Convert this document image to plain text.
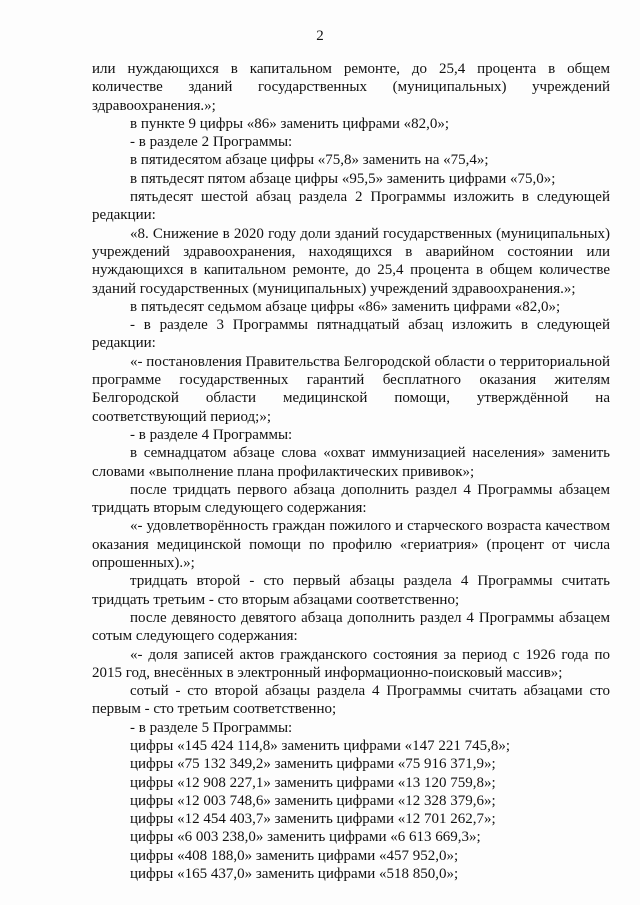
2

или нуждающихся в капитальном ремонте, до 25,4 процента в общем количестве зданий государственных (муниципальных) учреждений здравоохранения.»;

в пункте 9 цифры «86» заменить цифрами «82,0»;

- в разделе 2 Программы:

в пятидесятом абзаце цифры «75,8» заменить на «75,4»;

в пятьдесят пятом абзаце цифры «95,5» заменить цифрами «75,0»;

пятьдесят шестой абзац раздела 2 Программы изложить в следующей редакции:

«8. Снижение в 2020 году доли зданий государственных (муниципальных) учреждений здравоохранения, находящихся в аварийном состоянии или нуждающихся в капитальном ремонте, до 25,4 процента в общем количестве зданий государственных (муниципальных) учреждений здравоохранения.»;

в пятьдесят седьмом абзаце цифры «86» заменить цифрами «82,0»;

- в разделе 3 Программы пятнадцатый абзац изложить в следующей редакции:

«- постановления Правительства Белгородской области о территориальной программе государственных гарантий бесплатного оказания жителям Белгородской области медицинской помощи, утверждённой на соответствующий период;»;

- в разделе 4 Программы:

в семнадцатом абзаце слова «охват иммунизацией населения» заменить словами «выполнение плана профилактических прививок»;

после тридцать первого абзаца дополнить раздел 4 Программы абзацем тридцать вторым следующего содержания:

«- удовлетворённость граждан пожилого и старческого возраста качеством оказания медицинской помощи по профилю «гериатрия» (процент от числа опрошенных).»;

тридцать второй - сто первый абзацы раздела 4 Программы считать тридцать третьим - сто вторым абзацами соответственно;

после девяносто девятого абзаца дополнить раздел 4 Программы абзацем сотым следующего содержания:

«- доля записей актов гражданского состояния за период с 1926 года по 2015 год, внесённых в электронный информационно-поисковый массив»;

сотый - сто второй абзацы раздела 4 Программы считать абзацами сто первым - сто третьим соответственно;

- в разделе 5 Программы:

цифры «145 424 114,8» заменить цифрами «147 221 745,8»;

цифры «75 132 349,2» заменить цифрами «75 916 371,9»;

цифры «12 908 227,1» заменить цифрами «13 120 759,8»;

цифры «12 003 748,6» заменить цифрами «12 328 379,6»;

цифры «12 454 403,7» заменить цифрами «12 701 262,7»;

цифры «6 003 238,0» заменить цифрами «6 613 669,3»;

цифры «408 188,0» заменить цифрами «457 952,0»;

цифры «165 437,0» заменить цифрами «518 850,0»;
